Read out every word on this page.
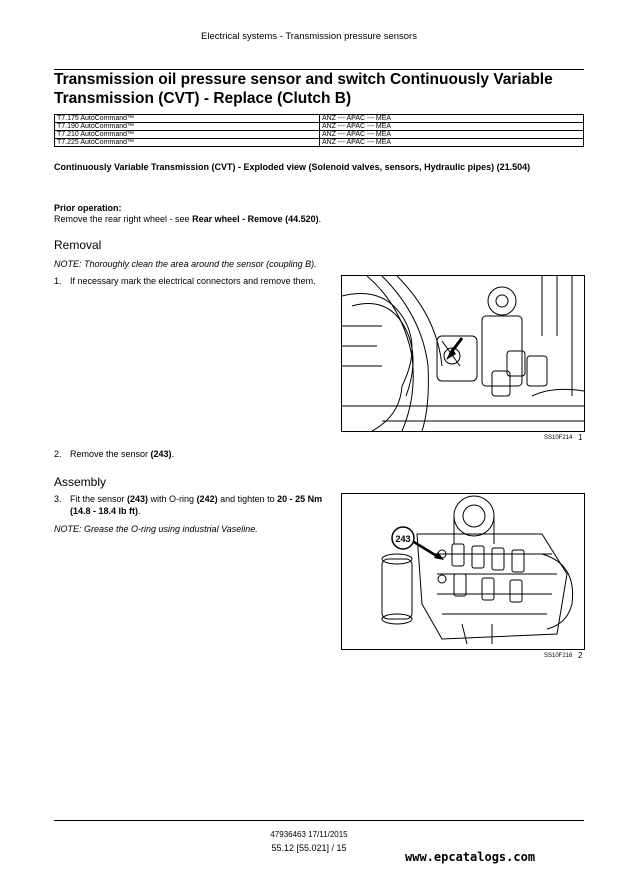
Electrical systems - Transmission pressure sensors
Transmission oil pressure sensor and switch Continuously Variable Transmission (CVT) - Replace (Clutch B)
T7.175 AutoCommand™	ANZ --- APAC --- MEA
T7.190 AutoCommand™	ANZ --- APAC --- MEA
T7.210 AutoCommand™	ANZ --- APAC --- MEA
T7.225 AutoCommand™	ANZ --- APAC --- MEA
Continuously Variable Transmission (CVT) - Exploded view (Solenoid valves, sensors, Hydraulic pipes) (21.504)
Prior operation:
Remove the rear right wheel - see Rear wheel - Remove (44.520).
Removal
NOTE: Thoroughly clean the area around the sensor (coupling B).
1. If necessary mark the electrical connectors and remove them.
SS10F214 1
2. Remove the sensor (243).
Assembly
3. Fit the sensor (243) with O-ring (242) and tighten to 20 - 25 Nm (14.8 - 18.4 lb ft).
NOTE: Grease the O-ring using industrial Vaseline.
243
SS10F216 2
47936463 17/11/2015
55.12 [55.021] / 15
www.epcatalogs.com
